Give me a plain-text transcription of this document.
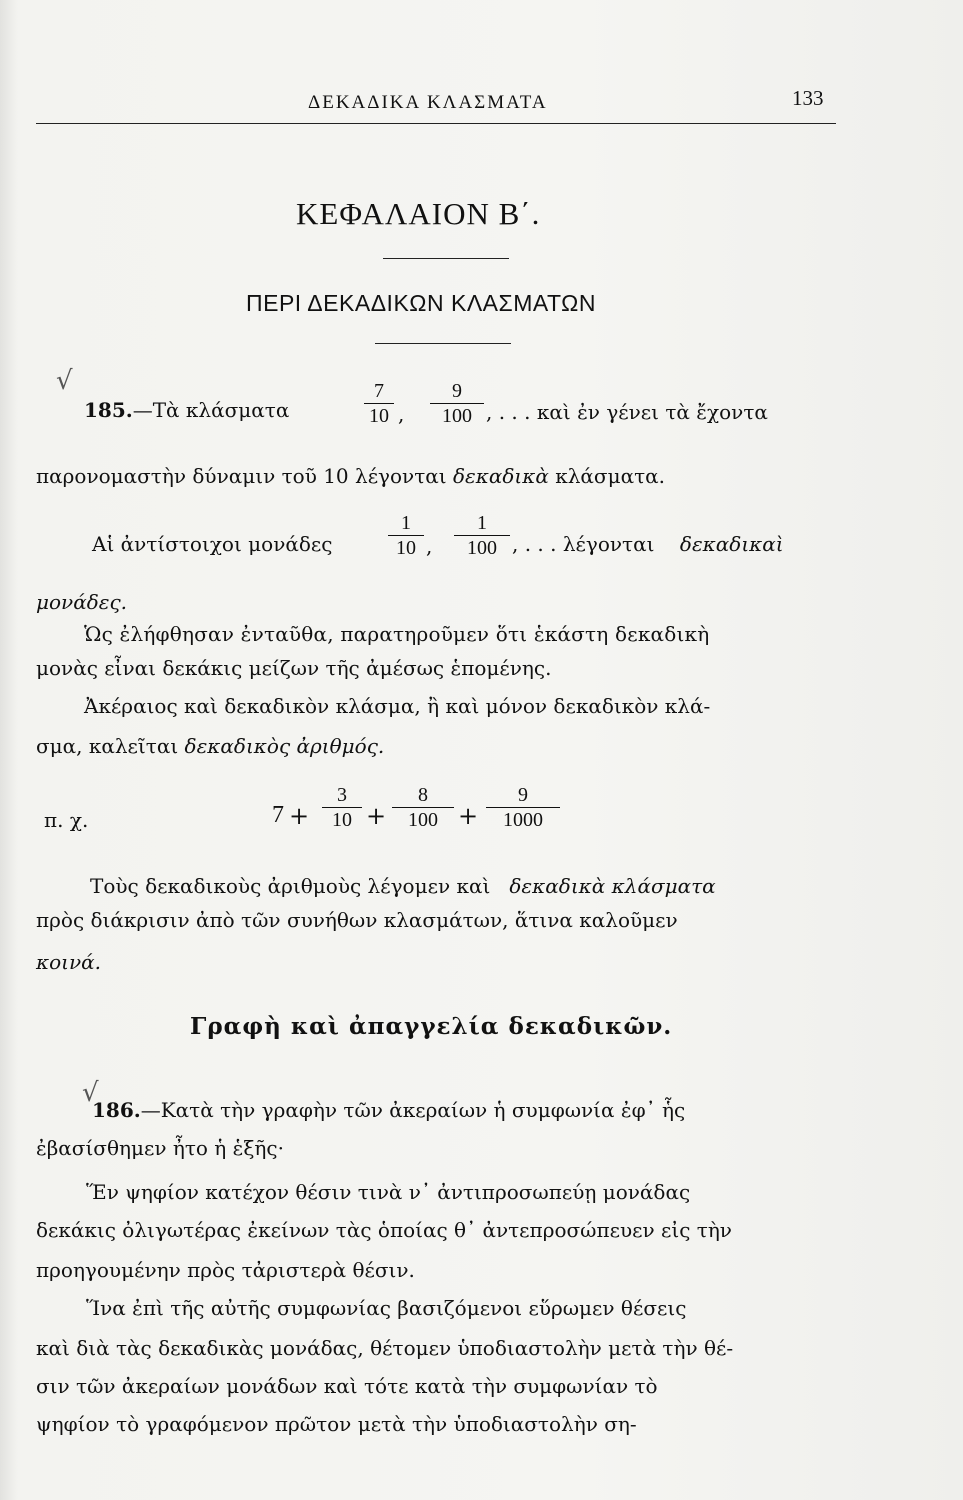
ΔΕΚΑΔΙΚΑ ΚΛΑΣΜΑΤΑ	133
ΚΕΦΑΛΑΙΟΝ Β΄.
ΠΕΡΙ ΔΕΚΑΔΙΚΩΝ ΚΛΑΣΜΑΤΩΝ
√
√
185.—Τὰ κλάσματα
7
10 ,
9
100 , . . . καὶ ἐν γένει τὰ ἔχοντα
παρονομαστὴν δύναμιν τοῦ 10 λέγονται δεκαδικὰ κλάσματα.
Αἱ ἀντίστοιχοι μονάδες
1
10 ,
1
100 , . . . λέγονται δεκαδικαὶ
μονάδες.
Ὡς ἐλήφθησαν ἐνταῦθα, παρατηροῦμεν ὅτι ἑκάστη δεκαδικὴ
μονὰς εἶναι δεκάκις μείζων τῆς ἀμέσως ἑπομένης.
Ἀκέραιος καὶ δεκαδικὸν κλάσμα, ἢ καὶ μόνον δεκαδικὸν κλά-
σμα, καλεῖται δεκαδικὸς ἀριθμός.
π. χ.	7 +
3
10 +
8
100 +
9
1000
Τοὺς δεκαδικοὺς ἀριθμοὺς λέγομεν καὶ δεκαδικὰ κλάσματα
πρὸς διάκρισιν ἀπὸ τῶν συνήθων κλασμάτων, ἅτινα καλοῦμεν
κοινά.
Γραφὴ καὶ ἀπαγγελία δεκαδικῶν.
186.—Κατὰ τὴν γραφὴν τῶν ἀκεραίων ἡ συμφωνία ἐφ᾿ ἧς
ἐβασίσθημεν ἦτο ἡ ἑξῆς·
Ἕν ψηφίον κατέχον θέσιν τινὰ ν᾿ ἀντιπροσωπεύῃ μονάδας
δεκάκις ὀλιγωτέρας ἐκείνων τὰς ὁποίας θ᾿ ἀντεπροσώπευεν εἰς τὴν
προηγουμένην πρὸς τἀριστερὰ θέσιν.
Ἵνα ἐπὶ τῆς αὐτῆς συμφωνίας βασιζόμενοι εὕρωμεν θέσεις
καὶ διὰ τὰς δεκαδικὰς μονάδας, θέτομεν ὑποδιαστολὴν μετὰ τὴν θέ-
σιν τῶν ἀκεραίων μονάδων καὶ τότε κατὰ τὴν συμφωνίαν τὸ
ψηφίον τὸ γραφόμενον πρῶτον μετὰ τὴν ὑποδιαστολὴν ση-
